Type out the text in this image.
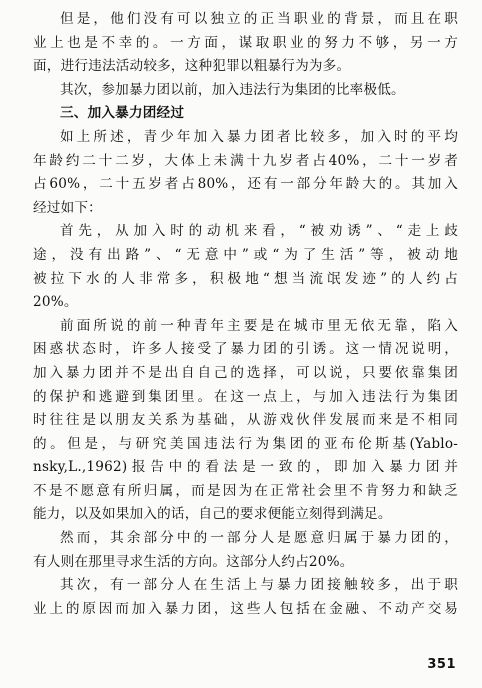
但是，他们没有可以独立的正当职业的背景，而且在职
业上也是不幸的。一方面，谋取职业的努力不够，另一方
面，进行违法活动较多，这种犯罪以粗暴行为为多。
其次，参加暴力团以前，加入违法行为集团的比率极低。
三、加入暴力团经过
如上所述，青少年加入暴力团者比较多，加入时的平均
年龄约二十二岁，大体上未满十九岁者占40%，二十一岁者
占60%，二十五岁者占80%，还有一部分年龄大的。其加入
经过如下：
首先，从加入时的动机来看，“被劝诱”、“走上歧
途，没有出路”、“无意中”或“为了生活”等，被动地
被拉下水的人非常多，积极地“想当流氓发迹”的人约占
20%。
前面所说的前一种青年主要是在城市里无依无靠，陷入
困惑状态时，许多人接受了暴力团的引诱。这一情况说明，
加入暴力团并不是出自自己的选择，可以说，只要依靠集团
的保护和逃避到集团里。在这一点上，与加入违法行为集团
时往往是以朋友关系为基础，从游戏伙伴发展而来是不相同
的。但是，与研究美国违法行为集团的亚布伦斯基(Yablo-
nsky,L.,1962)报告中的看法是一致的，即加入暴力团并
不是不愿意有所归属，而是因为在正常社会里不肯努力和缺乏
能力，以及如果加入的话，自己的要求便能立刻得到满足。
然而，其余部分中的一部分人是愿意归属于暴力团的，
有人则在那里寻求生活的方向。这部分人约占20%。
其次，有一部分人在生活上与暴力团接触较多，出于职
业上的原因而加入暴力团，这些人包括在金融、不动产交易
351
